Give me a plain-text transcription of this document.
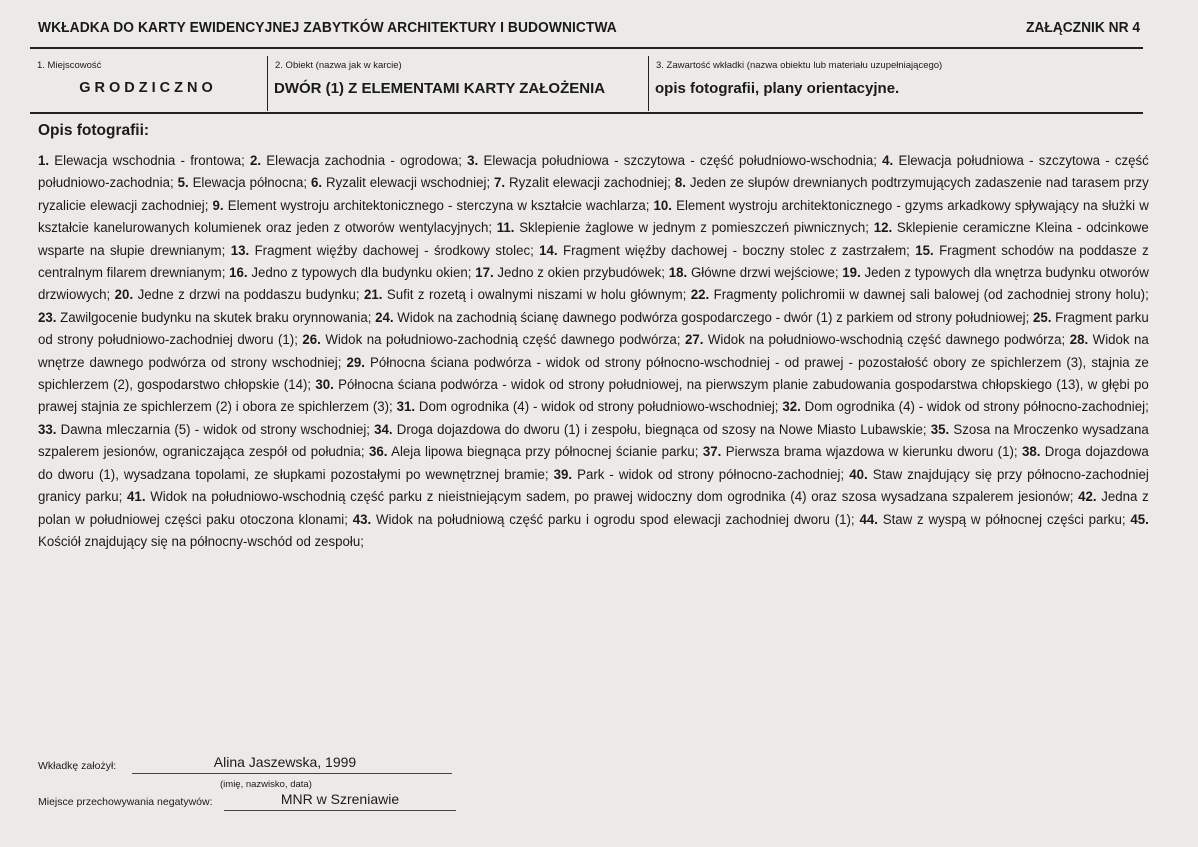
WKŁADKA DO KARTY EWIDENCYJNEJ ZABYTKÓW ARCHITEKTURY I BUDOWNICTWA	ZAŁĄCZNIK NR 4
1. Miejscowość
GRODZICZNO
2. Obiekt (nazwa jak w karcie)
DWÓR (1) Z ELEMENTAMI KARTY ZAŁOŻENIA
3. Zawartość wkładki (nazwa obiektu lub materiału uzupełniającego)
opis fotografii, plany orientacyjne.
Opis fotografii:
1. Elewacja wschodnia - frontowa; 2. Elewacja zachodnia - ogrodowa; 3. Elewacja południowa - szczytowa - część południowo-wschodnia; 4. Elewacja południowa - szczytowa - część południowo-zachodnia; 5. Elewacja północna; 6. Ryzalit elewacji wschodniej; 7. Ryzalit elewacji zachodniej; 8. Jeden ze słupów drewnianych podtrzymujących zadaszenie nad tarasem przy ryzalicie elewacji zachodniej; 9. Element wystroju architektonicznego - sterczyna w kształcie wachlarza; 10. Element wystroju architektonicznego - gzyms arkadkowy spływający na służki w kształcie kanelurowanych kolumienek oraz jeden z otworów wentylacyjnych; 11. Sklepienie żaglowe w jednym z pomieszczeń piwnicznych; 12. Sklepienie ceramiczne Kleina - odcinkowe wsparte na słupie drewnianym; 13. Fragment więźby dachowej - środkowy stolec; 14. Fragment więźby dachowej - boczny stolec z zastrzałem; 15. Fragment schodów na poddasze z centralnym filarem drewnianym; 16. Jedno z typowych dla budynku okien; 17. Jedno z okien przybudówek; 18. Główne drzwi wejściowe; 19. Jeden z typowych dla wnętrza budynku otworów drzwiowych; 20. Jedne z drzwi na poddaszu budynku; 21. Sufit z rozetą i owalnymi niszami w holu głównym; 22. Fragmenty polichromii w dawnej sali balowej (od zachodniej strony holu); 23. Zawilgocenie budynku na skutek braku orynnowania; 24. Widok na zachodnią ścianę dawnego podwórza gospodarczego - dwór (1) z parkiem od strony południowej; 25. Fragment parku od strony południowo-zachodniej dworu (1); 26. Widok na południowo-zachodnią część dawnego podwórza; 27. Widok na południowo-wschodnią część dawnego podwórza; 28. Widok na wnętrze dawnego podwórza od strony wschodniej; 29. Północna ściana podwórza - widok od strony północno-wschodniej - od prawej - pozostałość obory ze spichlerzem (3), stajnia ze spichlerzem (2), gospodarstwo chłopskie (14); 30. Północna ściana podwórza - widok od strony południowej, na pierwszym planie zabudowania gospodarstwa chłopskiego (13), w głębi po prawej stajnia ze spichlerzem (2) i obora ze spichlerzem (3); 31. Dom ogrodnika (4) - widok od strony południowo-wschodniej; 32. Dom ogrodnika (4) - widok od strony północno-zachodniej; 33. Dawna mleczarnia (5) - widok od strony wschodniej; 34. Droga dojazdowa do dworu (1) i zespołu, biegnąca od szosy na Nowe Miasto Lubawskie; 35. Szosa na Mroczenko wysadzana szpalerem jesionów, ograniczająca zespół od południa; 36. Aleja lipowa biegnąca przy północnej ścianie parku; 37. Pierwsza brama wjazdowa w kierunku dworu (1); 38. Droga dojazdowa do dworu (1), wysadzana topolami, ze słupkami pozostałymi po wewnętrznej bramie; 39. Park - widok od strony północno-zachodniej; 40. Staw znajdujący się przy północno-zachodniej granicy parku; 41. Widok na południowo-wschodnią część parku z nieistniejącym sadem, po prawej widoczny dom ogrodnika (4) oraz szosa wysadzana szpalerem jesionów; 42. Jedna z polan w południowej części paku otoczona klonami; 43. Widok na południową część parku i ogrodu spod elewacji zachodniej dworu (1); 44. Staw z wyspą w północnej części parku; 45. Kościół znajdujący się na północny-wschód od zespołu;
Wkładkę założył:	Alina Jaszewska, 1999
(imię, nazwisko, data)
Miejsce przechowywania negatywów:	MNR w Szreniawie
